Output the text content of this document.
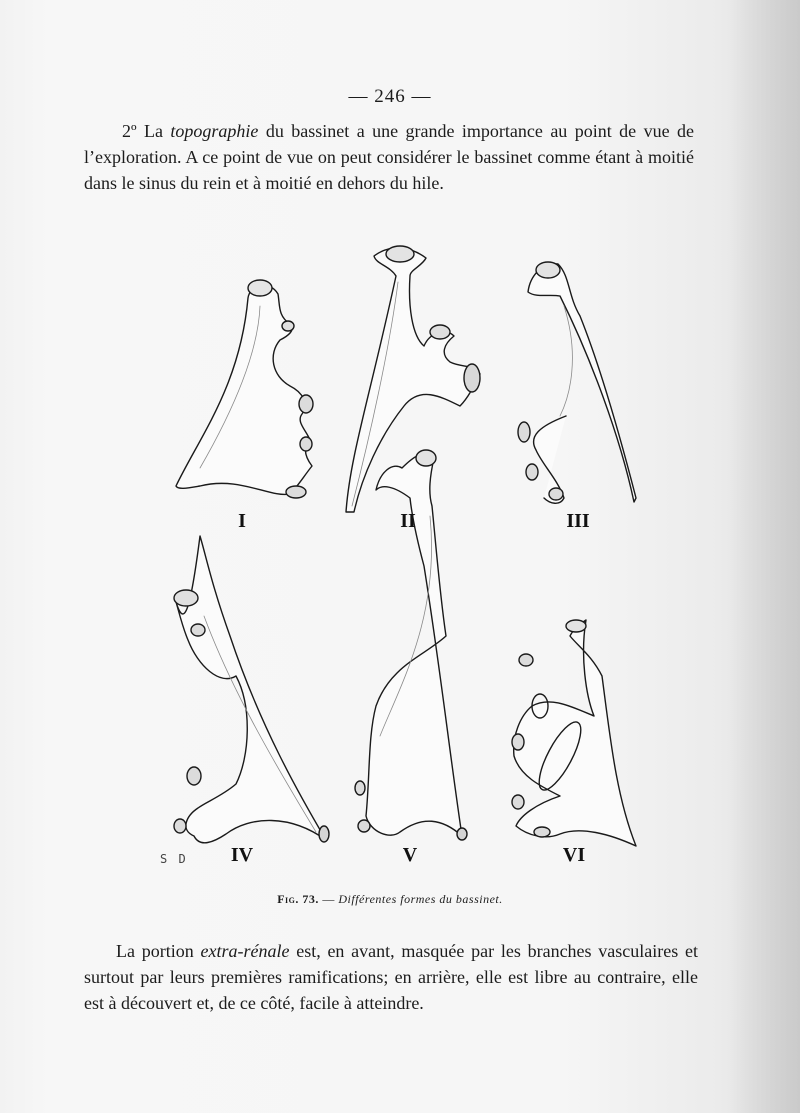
— 246 —

2º La topographie du bassinet a une grande importance au point de vue de l’exploration. A ce point de vue on peut considérer le bassinet comme étant à moitié dans le sinus du rein et à moitié en dehors du hile.

I	II	III
IV	V	VI
S D
Fig. 73. — Différentes formes du bassinet.

La portion extra-rénale est, en avant, masquée par les branches vasculaires et surtout par leurs premières ramifications; en arrière, elle est libre au contraire, elle est à découvert et, de ce côté, facile à atteindre.
